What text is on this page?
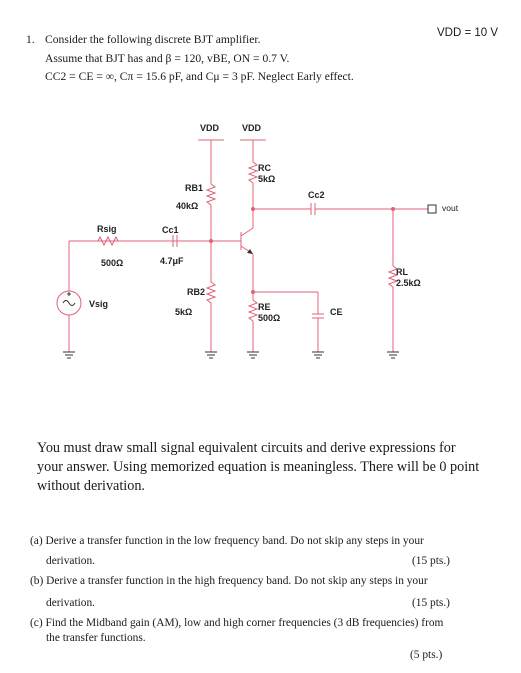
VDD = 10 V
1. Consider the following discrete BJT amplifier.
Assume that BJT has and β = 120, vBE, ON = 0.7 V.
CC2 = CE = ∞, Cπ = 15.6 pF, and Cμ = 3 pF. Neglect Early effect.
VDD	VDD
RC
5kΩ
RB1
40kΩ
Cc2
Rsig	Cc1
500Ω	4.7μF
RL
2.5kΩ
RB2
Vsig	RE
5kΩ	CE
500Ω
vout
You must draw small signal equivalent circuits and derive expressions for
your answer. Using memorized equation is meaningless. There will be 0 point
without derivation.
(a) Derive a transfer function in the low frequency band. Do not skip any steps in your
derivation.	(15 pts.)
(b) Derive a transfer function in the high frequency band. Do not skip any steps in your
derivation.	(15 pts.)
(c) Find the Midband gain (AM), low and high corner frequencies (3 dB frequencies) from
the transfer functions.
(5 pts.)
